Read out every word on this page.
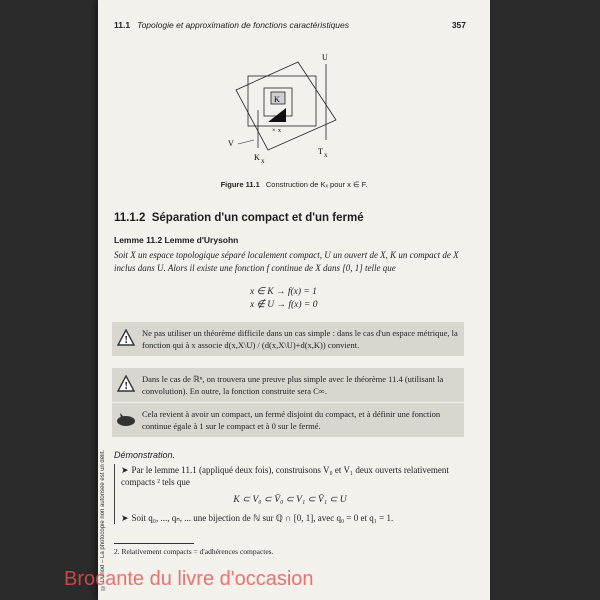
11.1 Topologie et approximation de fonctions caractéristiques	357
U
K
V
× x
K
X
T
X
Figure 11.1 Construction de Kₓ pour x ∈ F.
11.1.2 Séparation d'un compact et d'un fermé
Lemme 11.2 Lemme d'Urysohn
Soit X un espace topologique séparé localement compact, U un ouvert de X, K un compact de X inclus dans U. Alors il existe une fonction f continue de X dans [0, 1] telle que
x ∈ K → f(x) = 1
x ∉ U → f(x) = 0
!
Ne pas utiliser un théorème difficile dans un cas simple : dans le cas d'un espace métrique, la fonction qui à x associe d(x,X\U) / (d(x,X\U)+d(x,K)) convient.
!
Dans le cas de ℝⁿ, on trouvera une preuve plus simple avec le théorème 11.4 (utilisant la convolution). En outre, la fonction construite sera C∞.
Cela revient à avoir un compact, un fermé disjoint du compact, et à définir une fonction continue égale à 1 sur le compact et à 0 sur le fermé.
Démonstration.
➤ Par le lemme 11.1 (appliqué deux fois), construisons V₀ et V₁ deux ouverts relativement compacts ² tels que
K ⊂ V₀ ⊂ V̄₀ ⊂ V₁ ⊂ V̄₁ ⊂ U
➤ Soit q₀, ..., qₙ, ... une bijection de ℕ sur ℚ ∩ [0, 1], avec q₀ = 0 et q₁ = 1.
2. Relativement compacts = d'adhérences compactes.
© Dunod – La photocopie non autorisée est un délit.
Brocante du livre d'occasion
